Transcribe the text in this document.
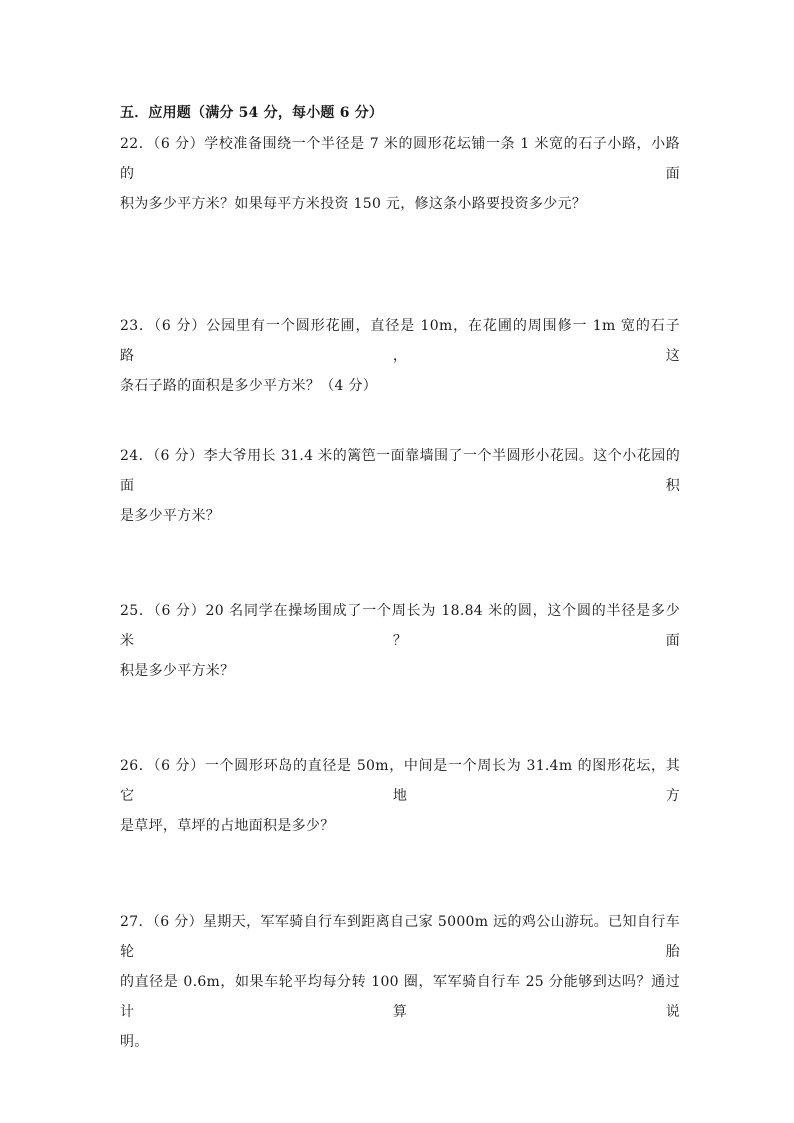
五．应用题（满分 54 分，每小题 6 分）
22．（6 分）学校准备围绕一个半径是 7 米的圆形花坛铺一条 1 米宽的石子小路，小路的面
积为多少平方米？如果每平方米投资 150 元，修这条小路要投资多少元？
23．（6 分）公园里有一个圆形花圃，直径是 10m，在花圃的周围修一 1m 宽的石子路，这
条石子路的面积是多少平方米？（4 分）
24．（6 分）李大爷用长 31.4 米的篱笆一面靠墙围了一个半圆形小花园。这个小花园的面积
是多少平方米？
25．（6 分）20 名同学在操场围成了一个周长为 18.84 米的圆，这个圆的半径是多少米？面
积是多少平方米？
26．（6 分）一个圆形环岛的直径是 50m，中间是一个周长为 31.4m 的图形花坛，其它地方
是草坪，草坪的占地面积是多少？
27．（6 分）星期天，军军骑自行车到距离自己家 5000m 远的鸡公山游玩。已知自行车轮胎
的直径是 0.6m，如果车轮平均每分转 100 圈，军军骑自行车 25 分能够到达吗？通过计算说
明。
